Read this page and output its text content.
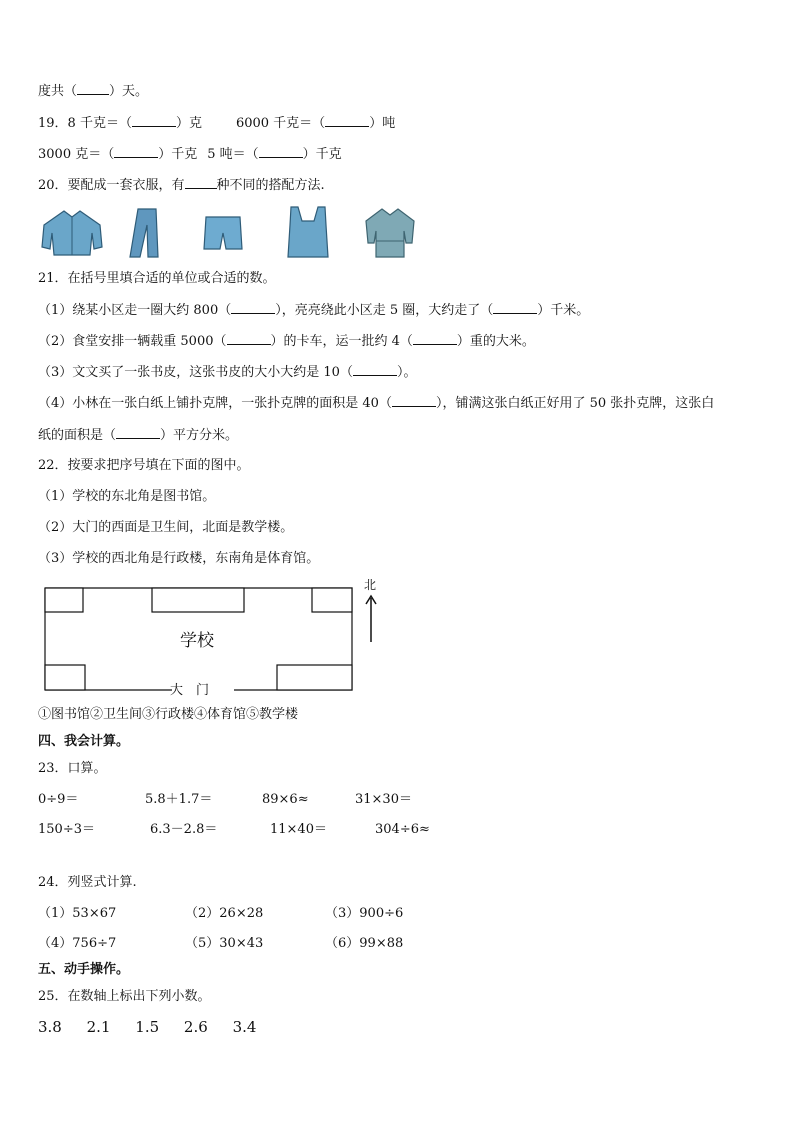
度共（ ）天。
19．8 千克＝（	）克	6000 千克＝（	）吨
3000 克＝（	）千克 5 吨＝（	）千克
20．要配成一套衣服，有 种不同的搭配方法.
21．在括号里填合适的单位或合适的数。
（1）绕某小区走一圈大约 800（	），亮亮绕此小区走 5 圈，大约走了（	）千米。
（2）食堂安排一辆载重 5000（	）的卡车，运一批约 4（	）重的大米。
（3）文文买了一张书皮，这张书皮的大小大约是 10（	）。
（4）小林在一张白纸上铺扑克牌，一张扑克牌的面积是 40（	），铺满这张白纸正好用了 50 张扑克牌，这张白
纸的面积是（	）平方分米。
22．按要求把序号填在下面的图中。
（1）学校的东北角是图书馆。
（2）大门的西面是卫生间，北面是教学楼。
（3）学校的西北角是行政楼，东南角是体育馆。
学校
大　门
北
①图书馆②卫生间③行政楼④体育馆⑤教学楼
四、我会计算。
23．口算。
0÷9＝	5.8＋1.7＝	89×6≈	31×30＝
150÷3＝	6.3－2.8＝	11×40＝	304÷6≈
24．列竖式计算.
（1）53×67	（2）26×28	（3）900÷6
（4）756÷7	（5）30×43	（6）99×88
五、动手操作。
25．在数轴上标出下列小数。
3.8 2.1 1.5 2.6 3.4
